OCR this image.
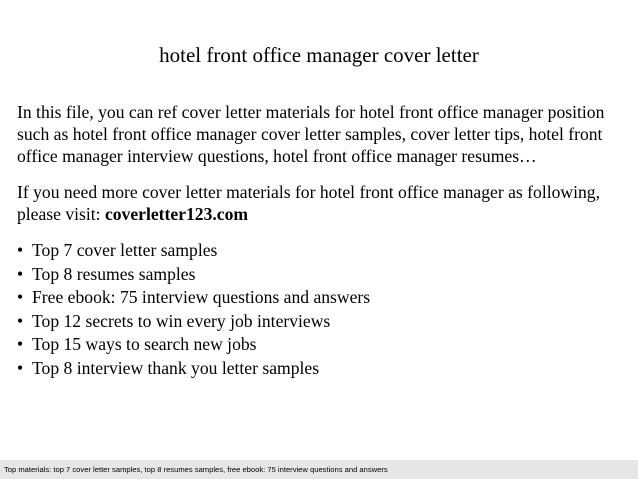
hotel front office manager cover letter

In this file, you can ref cover letter materials for hotel front office manager position
such as hotel front office manager cover letter samples, cover letter tips, hotel front
office manager interview questions, hotel front office manager resumes…

If you need more cover letter materials for hotel front office manager as following,
please visit: coverletter123.com

• Top 7 cover letter samples
• Top 8 resumes samples
• Free ebook: 75 interview questions and answers
• Top 12 secrets to win every job interviews
• Top 15 ways to search new jobs
• Top 8 interview thank you letter samples
Top materials: top 7 cover letter samples, top 8 resumes samples, free ebook: 75 interview questions and answers
